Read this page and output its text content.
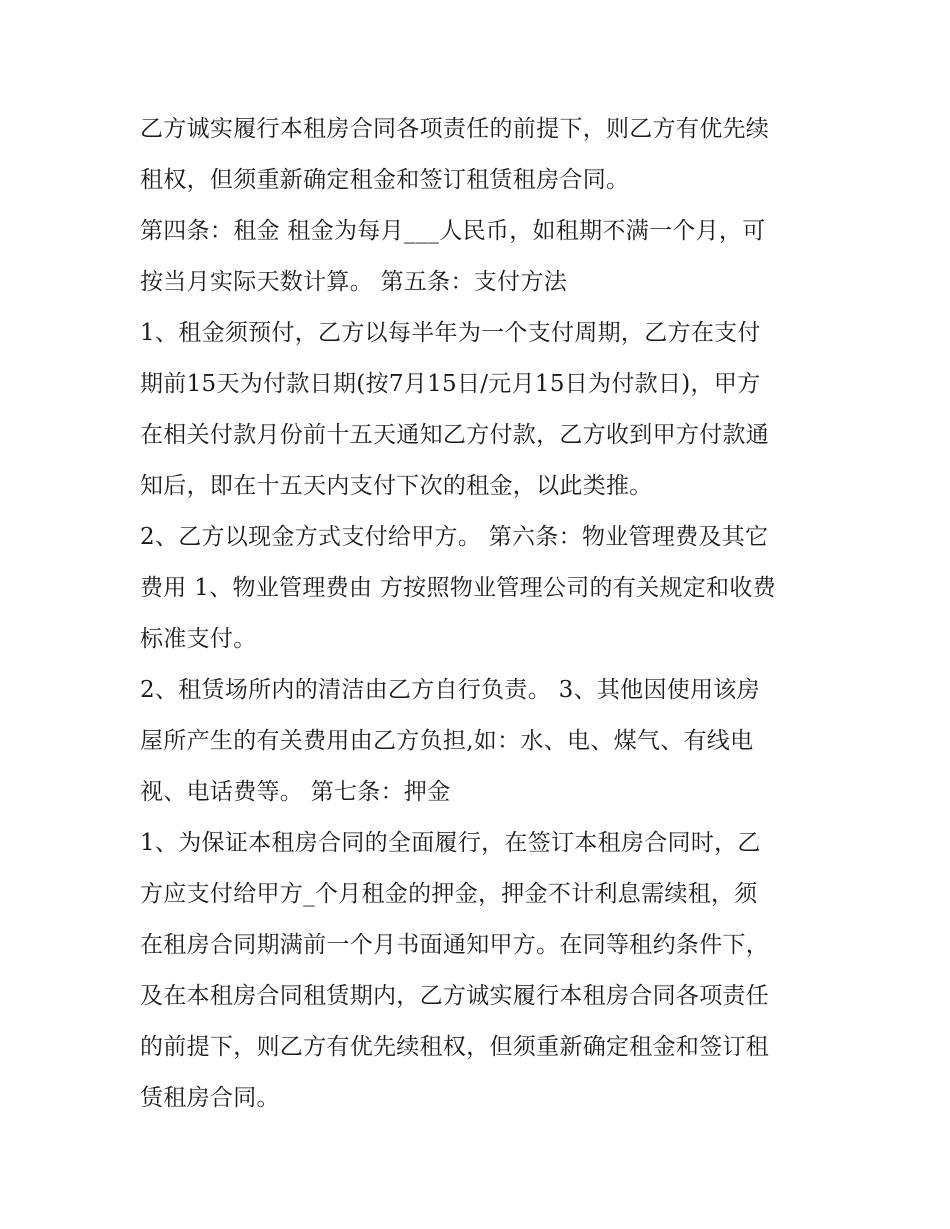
乙方诚实履行本租房合同各项责任的前提下，则乙方有优先续
租权，但须重新确定租金和签订租赁租房合同。
第四条：租金 租金为每月___人民币，如租期不满一个月，可
按当月实际天数计算。 第五条：支付方法
1、租金须预付，乙方以每半年为一个支付周期，乙方在支付
期前15天为付款日期(按7月15日/元月15日为付款日)，甲方
在相关付款月份前十五天通知乙方付款，乙方收到甲方付款通
知后，即在十五天内支付下次的租金，以此类推。
2、乙方以现金方式支付给甲方。 第六条：物业管理费及其它
费用 1、物业管理费由 方按照物业管理公司的有关规定和收费
标准支付。
2、租赁场所内的清洁由乙方自行负责。 3、其他因使用该房
屋所产生的有关费用由乙方负担,如：水、电、煤气、有线电
视、电话费等。 第七条：押金
1、为保证本租房合同的全面履行，在签订本租房合同时，乙
方应支付给甲方_个月租金的押金，押金不计利息需续租，须
在租房合同期满前一个月书面通知甲方。在同等租约条件下，
及在本租房合同租赁期内，乙方诚实履行本租房合同各项责任
的前提下，则乙方有优先续租权，但须重新确定租金和签订租
赁租房合同。
